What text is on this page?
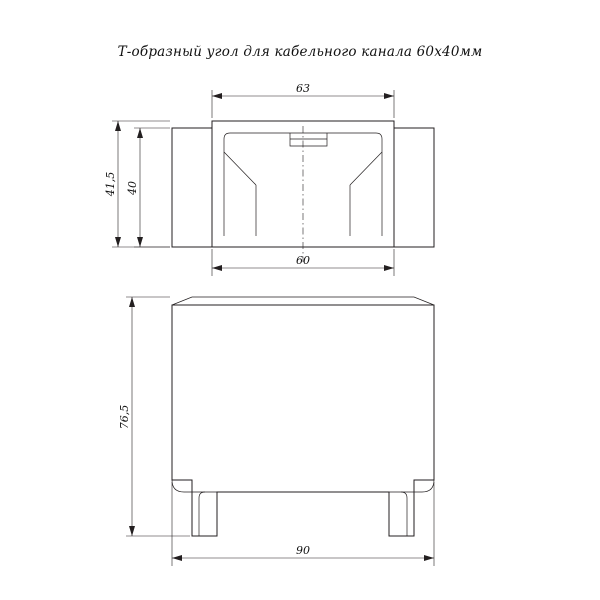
Т-образный угол для кабельного канала 60х40мм
63
60
41,5 40
76,5
90
